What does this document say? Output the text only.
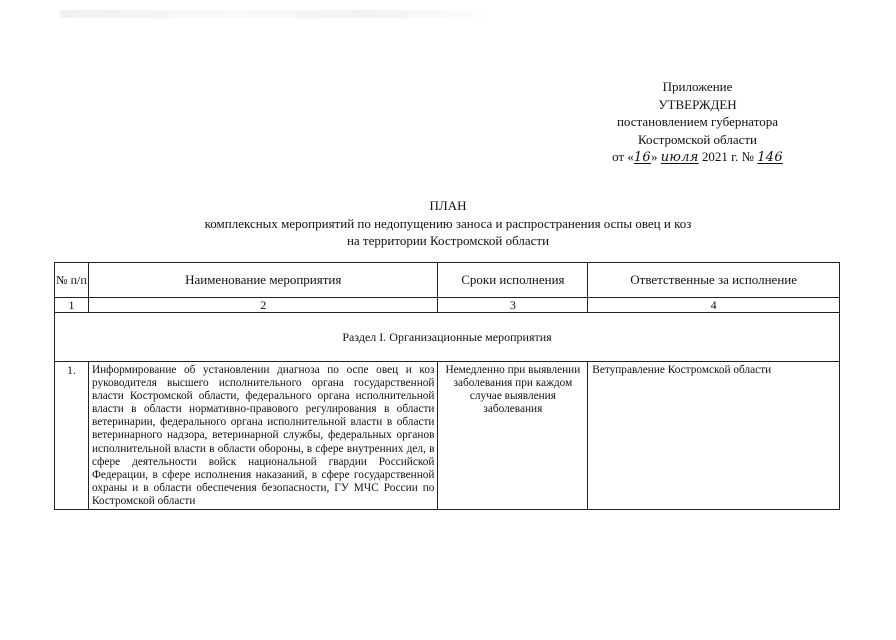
Приложение
УТВЕРЖДЕН
постановлением губернатора
Костромской области
от «16» июля 2021 г. № 146
ПЛАН
комплексных мероприятий по недопущению заноса и распространения оспы овец и коз
на территории Костромской области
№ п/п	Наименование мероприятия	Сроки исполнения	Ответственные за исполнение
1	2	3	4
Раздел I. Организационные мероприятия			
1.	Информирование об установлении диагноза по оспе овец и коз руководителя высшего исполнительного органа государственной власти Костромской области, федерального органа исполнительной власти в области нормативно-правового регулирования в области ветеринарии, федерального органа исполнительной власти в области ветеринарного надзора, ветеринарной службы, федеральных органов исполнительной власти в области обороны, в сфере внутренних дел, в сфере деятельности войск национальной гвардии Российской Федерации, в сфере исполнения наказаний, в сфере государственной охраны и в области обеспечения безопасности, ГУ МЧС России по Костромской области	Немедленно при выявлении заболевания при каждом случае выявления заболевания	Ветуправление Костромской области
